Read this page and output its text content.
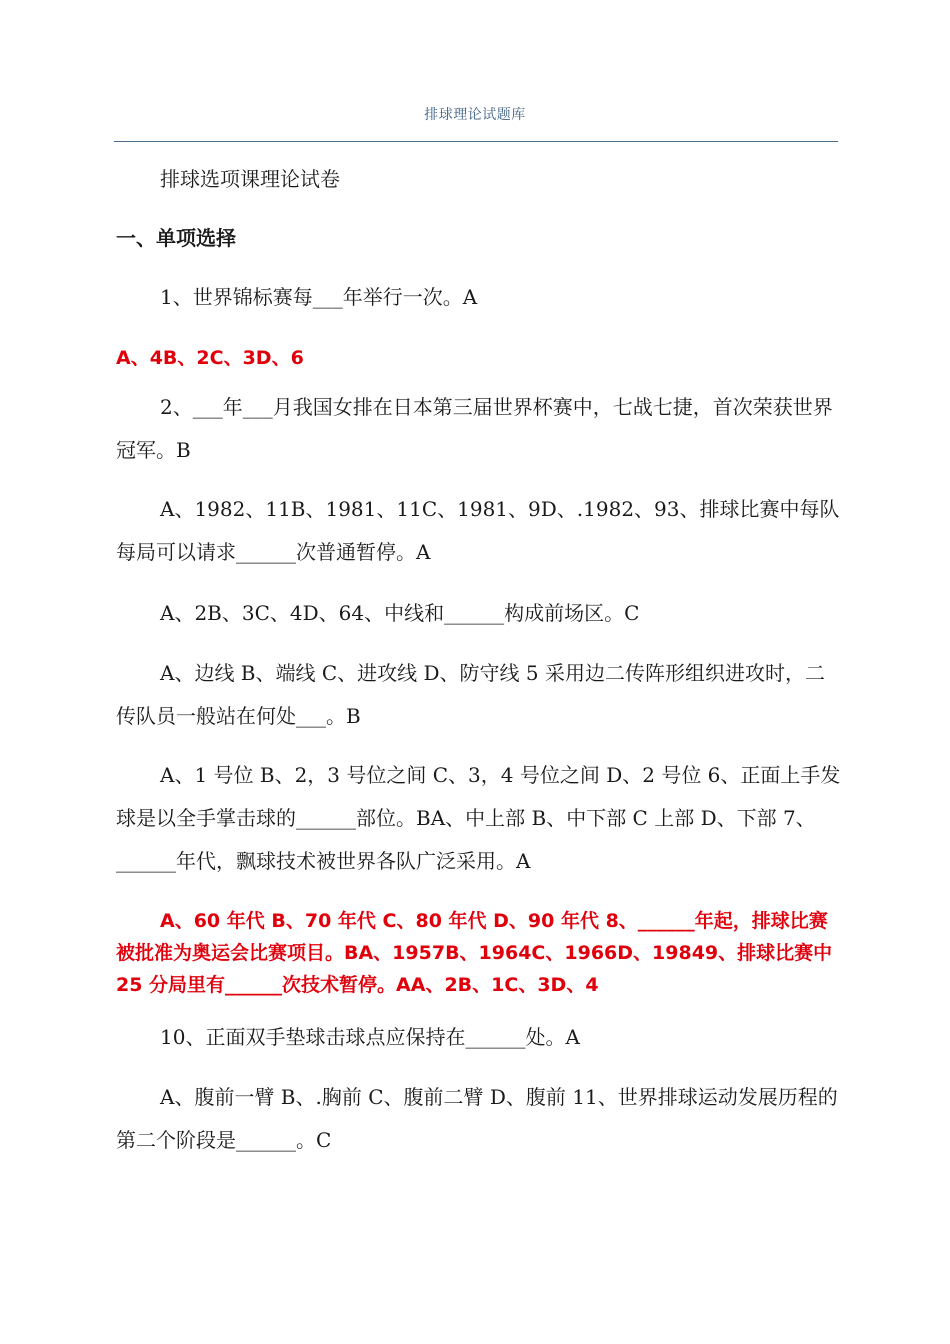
排球理论试题库

排球选项课理论试卷

一、单项选择

1、世界锦标赛每___年举行一次。A

A、4B、2C、3D、6

2、___年___月我国女排在日本第三届世界杯赛中，七战七捷，首次荣获世界冠军。B

A、1982、11B、1981、11C、1981、9D、.1982、93、排球比赛中每队每局可以请求______次普通暂停。A

A、2B、3C、4D、64、中线和______构成前场区。C

A、边线 B、端线 C、进攻线 D、防守线 5 采用边二传阵形组织进攻时，二传队员一般站在何处___。B

A、1 号位 B、2，3 号位之间 C、3，4 号位之间 D、2 号位 6、正面上手发球是以全手掌击球的______部位。BA、中上部 B、中下部 C 上部 D、下部 7、______年代，飘球技术被世界各队广泛采用。A

A、60 年代 B、70 年代 C、80 年代 D、90 年代 8、______年起，排球比赛被批准为奥运会比赛项目。BA、1957B、1964C、1966D、19849、排球比赛中 25 分局里有______次技术暂停。AA、2B、1C、3D、4

10、正面双手垫球击球点应保持在______处。A

A、腹前一臂 B、.胸前 C、腹前二臂 D、腹前 11、世界排球运动发展历程的第二个阶段是______。C
